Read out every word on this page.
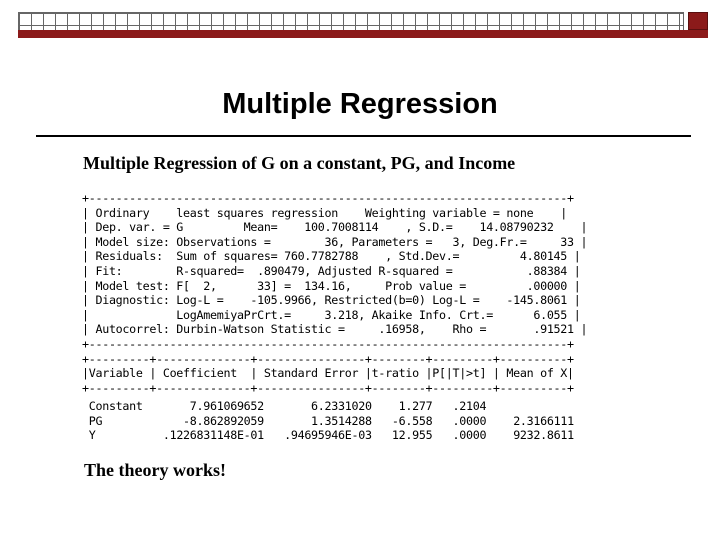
Multiple Regression
Multiple Regression of G on a constant, PG, and Income
+-----------------------------------------------------------------------+
| Ordinary    least squares regression    Weighting variable = none    |
| Dep. var. = G         Mean=    100.7008114    , S.D.=    14.08790232    |
| Model size: Observations =        36, Parameters =   3, Deg.Fr.=     33 |
| Residuals:  Sum of squares= 760.7782788    , Std.Dev.=         4.80145 |
| Fit:        R-squared=  .890479, Adjusted R-squared =           .88384 |
| Model test: F[  2,      33] =  134.16,     Prob value =         .00000 |
| Diagnostic: Log-L =    -105.9966, Restricted(b=0) Log-L =    -145.8061 |
|             LogAmemiyaPrCrt.=     3.218, Akaike Info. Crt.=      6.055 |
| Autocorrel: Durbin-Watson Statistic =     .16958,    Rho =       .91521 |
+-----------------------------------------------------------------------+
+---------+--------------+----------------+--------+---------+----------+
|Variable | Coefficient  | Standard Error |t-ratio |P[|T|>t] | Mean of X|
+---------+--------------+----------------+--------+---------+----------+
Constant       7.961069652       6.2331020    1.277   .2104
PG            -8.862892059       1.3514288   -6.558   .0000    2.3166111
Y          .1226831148E-01   .94695946E-03   12.955   .0000    9232.8611
The theory works!
